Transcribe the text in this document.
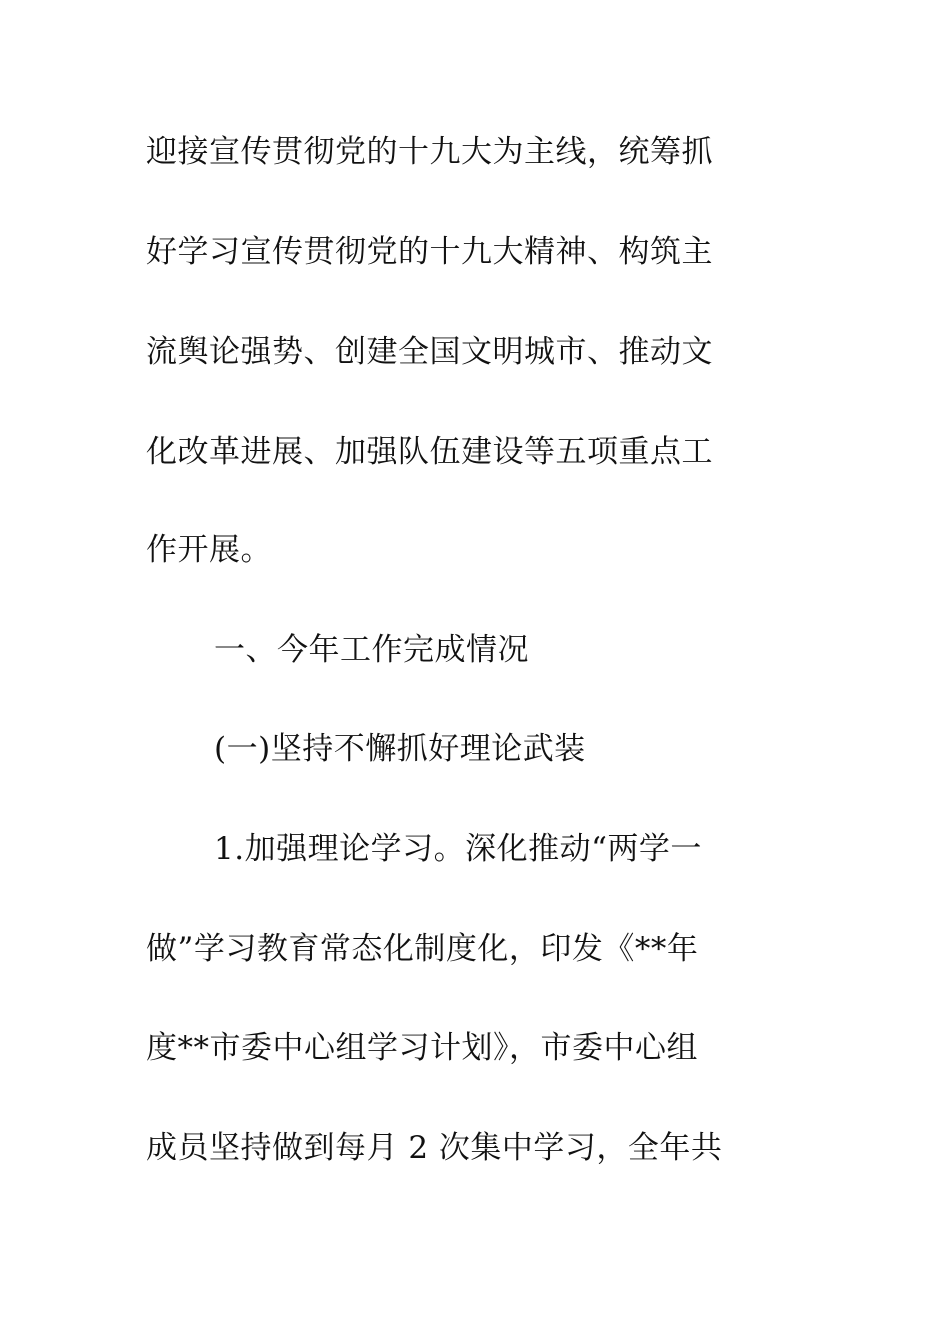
迎接宣传贯彻党的十九大为主线，统筹抓
好学习宣传贯彻党的十九大精神、构筑主
流舆论强势、创建全国文明城市、推动文
化改革进展、加强队伍建设等五项重点工
作开展。
一、今年工作完成情况
(一)坚持不懈抓好理论武装
1.加强理论学习。深化推动“两学一
做”学习教育常态化制度化，印发《**年
度**市委中心组学习计划》，市委中心组
成员坚持做到每月 2 次集中学习，全年共
